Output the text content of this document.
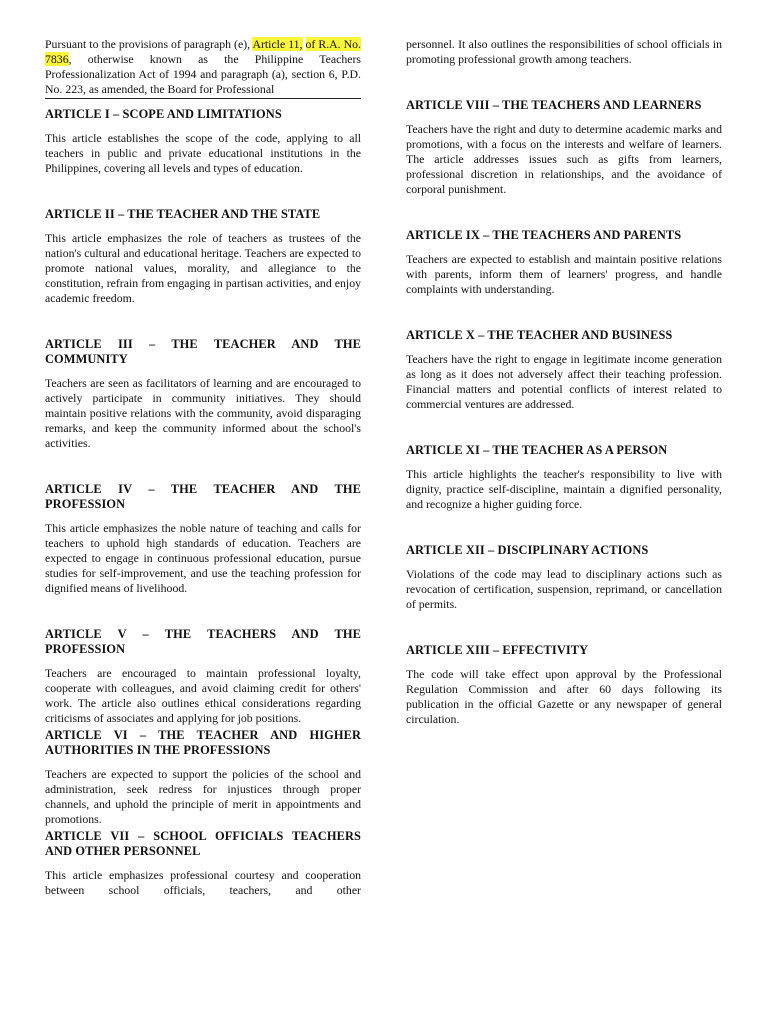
Pursuant to the provisions of paragraph (e), Article 11, of R.A. No. 7836, otherwise known as the Philippine Teachers Professionalization Act of 1994 and paragraph (a), section 6, P.D. No. 223, as amended, the Board for Professional

ARTICLE I – SCOPE AND LIMITATIONS

This article establishes the scope of the code, applying to all teachers in public and private educational institutions in the Philippines, covering all levels and types of education.

ARTICLE II – THE TEACHER AND THE STATE

This article emphasizes the role of teachers as trustees of the nation's cultural and educational heritage. Teachers are expected to promote national values, morality, and allegiance to the constitution, refrain from engaging in partisan activities, and enjoy academic freedom.

ARTICLE III – THE TEACHER AND THE COMMUNITY

Teachers are seen as facilitators of learning and are encouraged to actively participate in community initiatives. They should maintain positive relations with the community, avoid disparaging remarks, and keep the community informed about the school's activities.

ARTICLE IV – THE TEACHER AND THE PROFESSION

This article emphasizes the noble nature of teaching and calls for teachers to uphold high standards of education. Teachers are expected to engage in continuous professional education, pursue studies for self-improvement, and use the teaching profession for dignified means of livelihood.

ARTICLE V – THE TEACHERS AND THE PROFESSION

Teachers are encouraged to maintain professional loyalty, cooperate with colleagues, and avoid claiming credit for others' work. The article also outlines ethical considerations regarding criticisms of associates and applying for job positions.

ARTICLE VI – THE TEACHER AND HIGHER AUTHORITIES IN THE PROFESSIONS

Teachers are expected to support the policies of the school and administration, seek redress for injustices through proper channels, and uphold the principle of merit in appointments and promotions.

ARTICLE VII – SCHOOL OFFICIALS TEACHERS AND OTHER PERSONNEL

This article emphasizes professional courtesy and cooperation between school officials, teachers, and other

personnel. It also outlines the responsibilities of school officials in promoting professional growth among teachers.

ARTICLE VIII – THE TEACHERS AND LEARNERS

Teachers have the right and duty to determine academic marks and promotions, with a focus on the interests and welfare of learners. The article addresses issues such as gifts from learners, professional discretion in relationships, and the avoidance of corporal punishment.

ARTICLE IX – THE TEACHERS AND PARENTS

Teachers are expected to establish and maintain positive relations with parents, inform them of learners' progress, and handle complaints with understanding.

ARTICLE X – THE TEACHER AND BUSINESS

Teachers have the right to engage in legitimate income generation as long as it does not adversely affect their teaching profession. Financial matters and potential conflicts of interest related to commercial ventures are addressed.

ARTICLE XI – THE TEACHER AS A PERSON

This article highlights the teacher's responsibility to live with dignity, practice self-discipline, maintain a dignified personality, and recognize a higher guiding force.

ARTICLE XII – DISCIPLINARY ACTIONS

Violations of the code may lead to disciplinary actions such as revocation of certification, suspension, reprimand, or cancellation of permits.

ARTICLE XIII – EFFECTIVITY

The code will take effect upon approval by the Professional Regulation Commission and after 60 days following its publication in the official Gazette or any newspaper of general circulation.
